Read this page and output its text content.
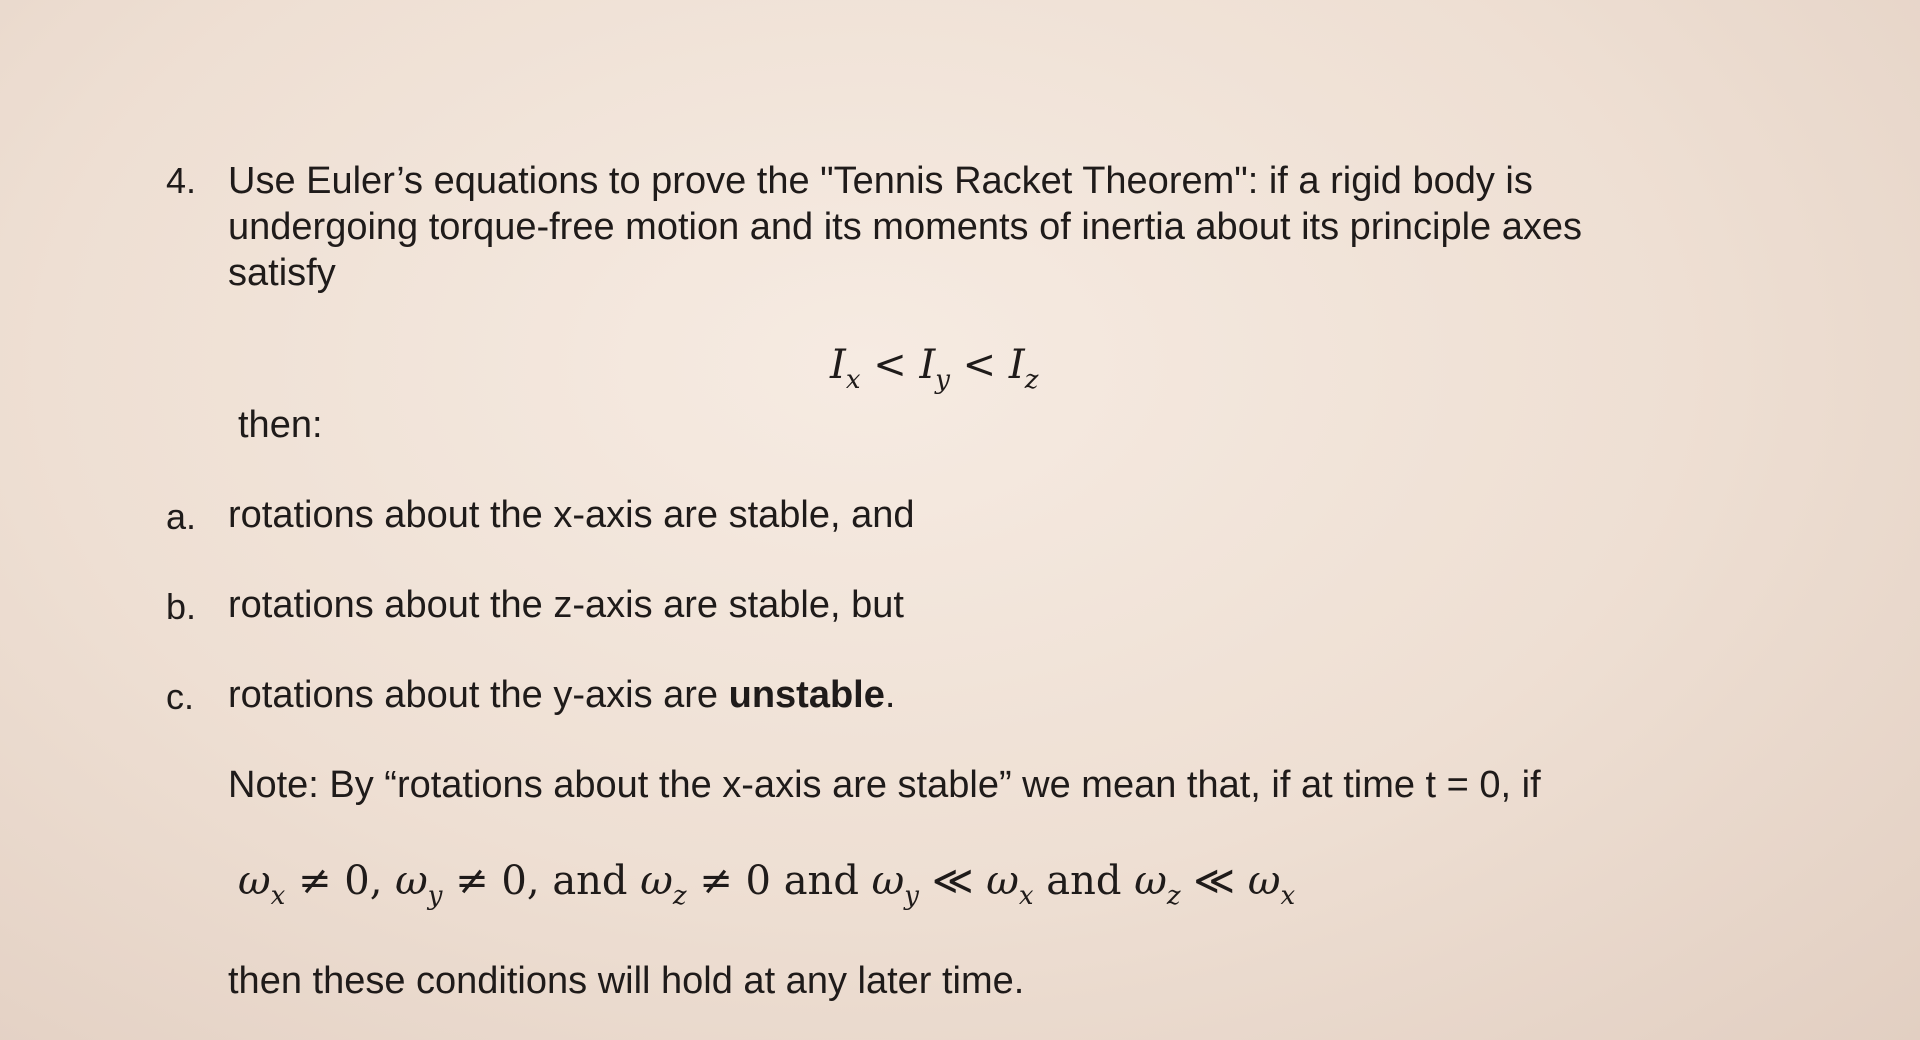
4. Use Euler’s equations to prove the "Tennis Racket Theorem": if a rigid body is
undergoing torque-free motion and its moments of inertia about its principle axes
satisfy
$I_x < I_y < I_z$
then:
a. rotations about the x-axis are stable, and
b. rotations about the z-axis are stable, but
c. rotations about the y-axis are unstable.
Note: By “rotations about the x-axis are stable” we mean that, if at time t = 0, if
$\omega_x \ne 0$, $\omega_y \ne 0$, and $\omega_z \ne 0$ and $\omega_y$ ≪ $\omega_x$ and $\omega_z$ ≪ $\omega_x$
then these conditions will hold at any later time.
